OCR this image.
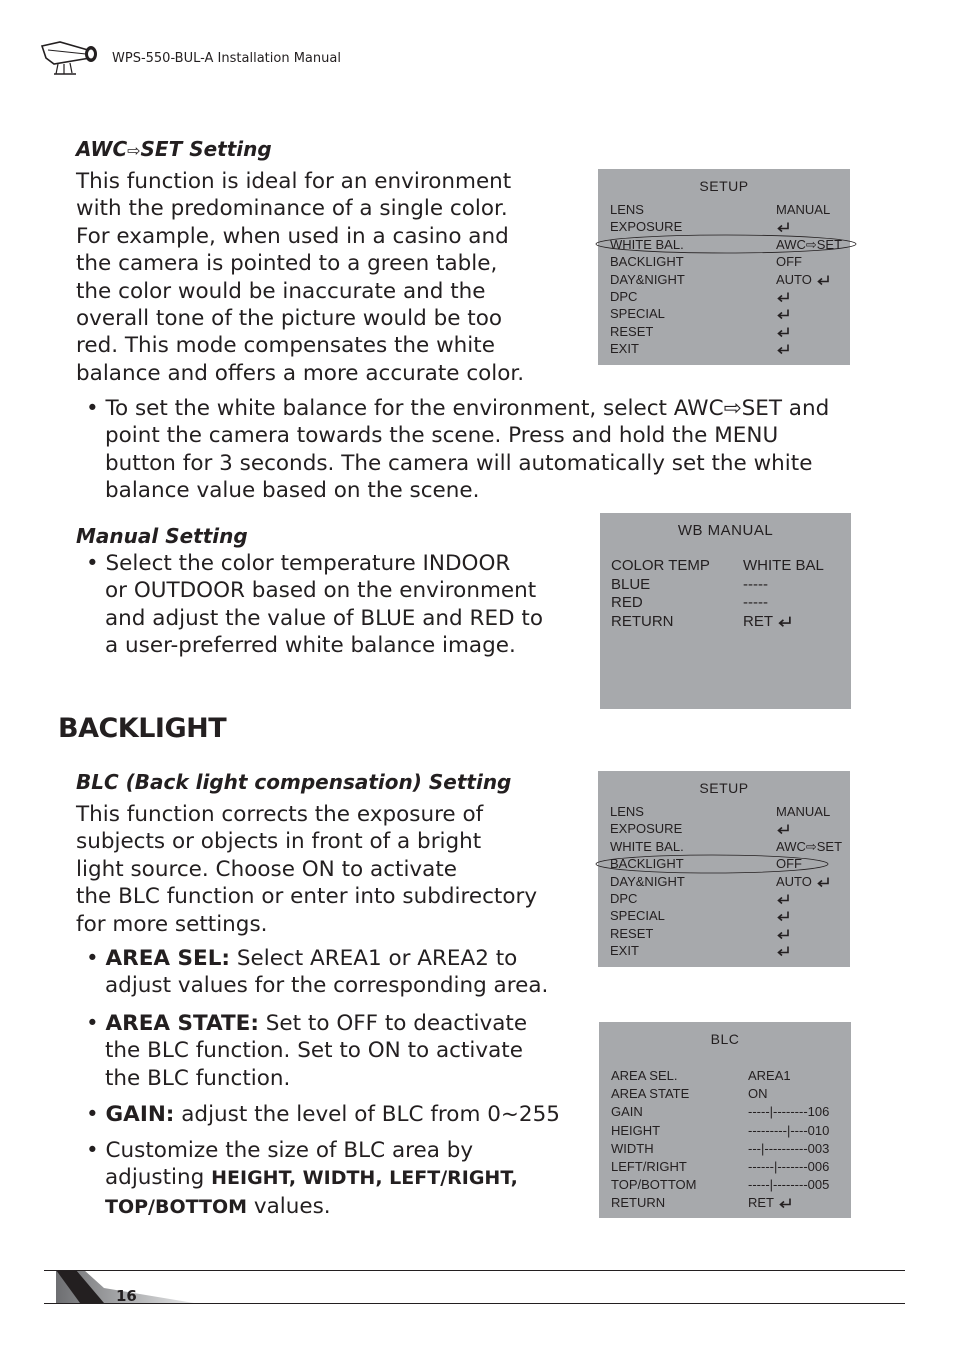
WPS-550-BUL-A Installation Manual
AWC⇨SET Setting
This function is ideal for an environment
with the predominance of a single color.
For example, when used in a casino and
the camera is pointed to a green table,
the color would be inaccurate and the
overall tone of the picture would be too
red. This mode compensates the white
balance and offers a more accurate color.
• To set the white balance for the environment, select AWC⇨SET and
point the camera towards the scene. Press and hold the MENU
button for 3 seconds. The camera will automatically set the white
balance value based on the scene.
Manual Setting
• Select the color temperature INDOOR
or OUTDOOR based on the environment
and adjust the value of BLUE and RED to
a user-preferred white balance image.
BACKLIGHT
BLC (Back light compensation) Setting
This function corrects the exposure of
subjects or objects in front of a bright
light source. Choose ON to activate
the BLC function or enter into subdirectory
for more settings.
• AREA SEL: Select AREA1 or AREA2 to
adjust values for the corresponding area.
• AREA STATE: Set to OFF to deactivate
the BLC function. Set to ON to activate
the BLC function.
• GAIN: adjust the level of BLC from 0~255
• Customize the size of BLC area by
adjusting HEIGHT, WIDTH, LEFT/RIGHT,
TOP/BOTTOM values.
SETUP
LENS	MANUAL
EXPOSURE
WHITE BAL.	AWC⇨SET
BACKLIGHT	OFF
DAY&NIGHT	AUTO
DPC
SPECIAL
RESET
EXIT
WB MANUAL
COLOR TEMP WHITE BAL
BLUE	-----
RED	-----
RETURN	RET
SETUP
LENS	MANUAL
EXPOSURE
WHITE BAL.	AWC⇨SET
BACKLIGHT	OFF
DAY&NIGHT	AUTO
DPC
SPECIAL
RESET
EXIT
BLC
AREA SEL.	AREA1
AREA STATE	ON
GAIN	-----|--------106
HEIGHT	---------|----010
WIDTH	---|----------003
LEFT/RIGHT	------|-------006
TOP/BOTTOM	-----|--------005
RETURN	RET
16
